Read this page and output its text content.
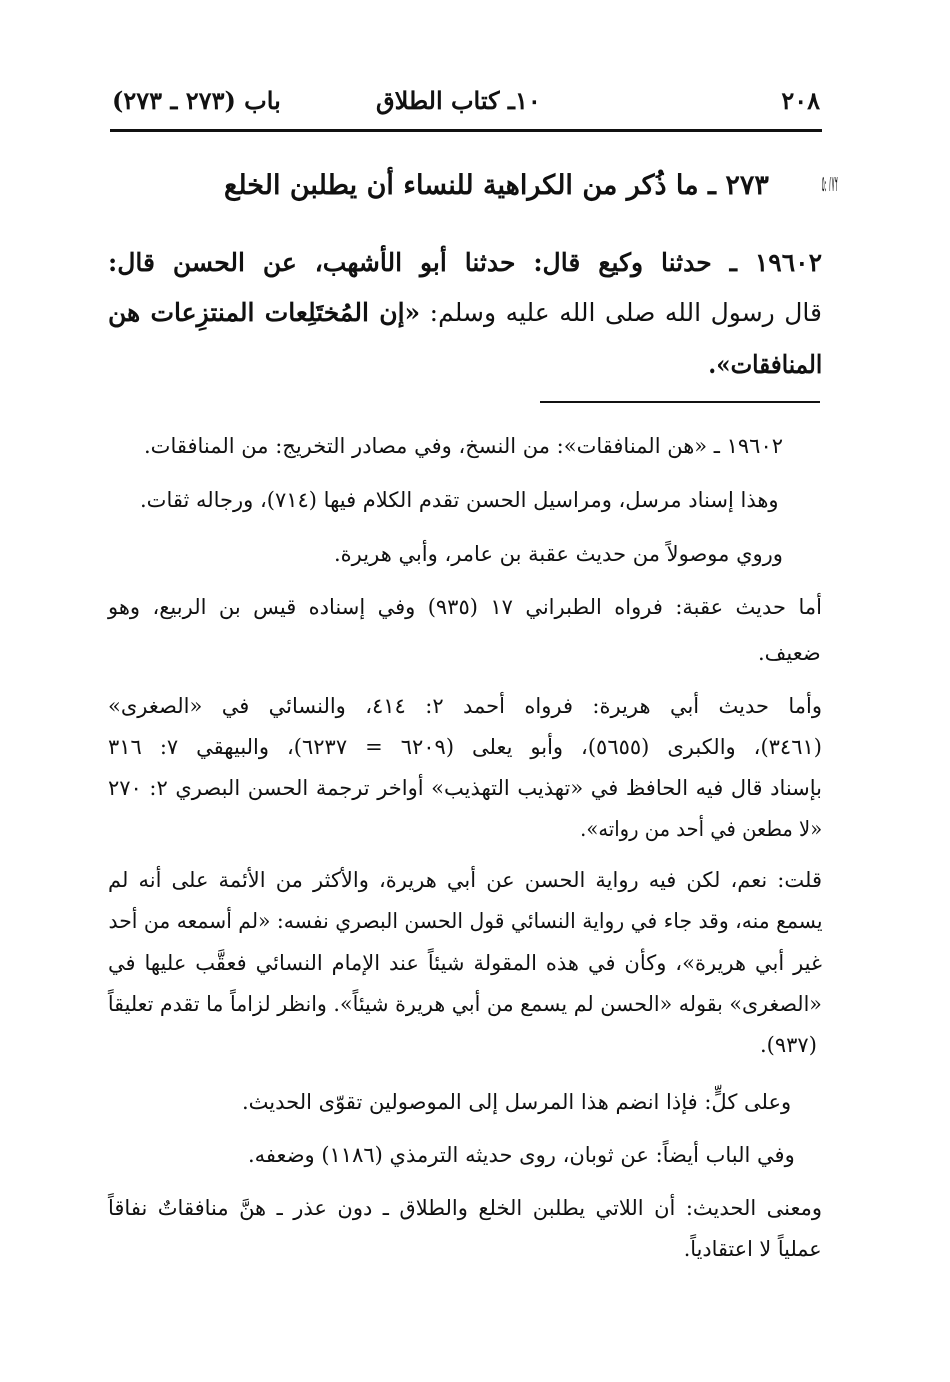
٢٠٨
١٠ـ كتاب الطلاق
باب (٢٧٣ ـ ٢٧٣)
٥: ٢٧١
٢٧٣ ـ ما ذُكر من الكراهية للنساء أن يطلبن الخلع
١٩٦٠٢ ـ حدثنا وكيع قال: حدثنا أبو الأشهب، عن الحسن قال:
قال رسول الله صلى الله عليه وسلم: «إن المُختَلِعات المنتزِعات هن
المنافقات».
١٩٦٠٢ ـ «هن المنافقات»: من النسخ، وفي مصادر التخريج: من المنافقات.
وهذا إسناد مرسل، ومراسيل الحسن تقدم الكلام فيها (٧١٤)، ورجاله ثقات.
وروي موصولاً من حديث عقبة بن عامر، وأبي هريرة.
أما حديث عقبة: فرواه الطبراني ١٧ (٩٣٥) وفي إسناده قيس بن الربيع، وهو
ضعيف.
وأما حديث أبي هريرة: فرواه أحمد ٢: ٤١٤، والنسائي في «الصغرى»
(٣٤٦١)، والكبرى (٥٦٥٥)، وأبو يعلى (٦٢٠٩ = ٦٢٣٧)، والبيهقي ٧: ٣١٦
بإسناد قال فيه الحافظ في «تهذيب التهذيب» أواخر ترجمة الحسن البصري ٢: ٢٧٠
«لا مطعن في أحد من رواته».
قلت: نعم، لكن فيه رواية الحسن عن أبي هريرة، والأكثر من الأئمة على أنه لم
يسمع منه، وقد جاء في رواية النسائي قول الحسن البصري نفسه: «لم أسمعه من أحد
غير أبي هريرة»، وكأن في هذه المقولة شيئاً عند الإمام النسائي فعقَّب عليها في
«الصغرى» بقوله «الحسن لم يسمع من أبي هريرة شيئاً». وانظر لزاماً ما تقدم تعليقاً
(٩٣٧).
وعلى كلٍّ: فإذا انضم هذا المرسل إلى الموصولين تقوّى الحديث.
وفي الباب أيضاً: عن ثوبان، روى حديثه الترمذي (١١٨٦) وضعفه.
ومعنى الحديث: أن اللاتي يطلبن الخلع والطلاق ـ دون عذر ـ هنَّ منافقاتٌ نفاقاً
عملياً لا اعتقادياً.
